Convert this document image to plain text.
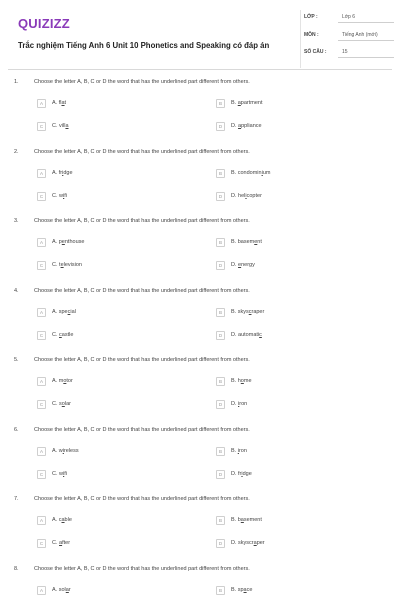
QUIZIZZ
Trắc nghiệm Tiếng Anh 6 Unit 10 Phonetics and Speaking có đáp án
LỚP :	Lớp 6
MÔN :	Tiếng Anh (mới)
SỐ CÂU :	15
1.	Choose the letter A, B, C or D the word that has the underlined part different from others.
A	A. flat	B	B. apartment
C	C. villa	D	D. appliance
2.	Choose the letter A, B, C or D the word that has the underlined part different from others.
A	A. fridge	B	B. condominium
C	C. wifi	D	D. helicopter
3.	Choose the letter A, B, C or D the word that has the underlined part different from others.
A	A. penthouse	B	B. basement
C	C. television	D	D. energy
4.	Choose the letter A, B, C or D the word that has the underlined part different from others.
A	A. special	B	B. skyscraper
C	C. castle	D	D. automatic
5.	Choose the letter A, B, C or D the word that has the underlined part different from others.
A	A. motor	B	B. home
C	C. solar	D	D. iron
6.	Choose the letter A, B, C or D the word that has the underlined part different from others.
A	A. wireless	B	B. iron
C	C. wifi	D	D. fridge
7.	Choose the letter A, B, C or D the word that has the underlined part different from others.
A	A. cable	B	B. basement
C	C. after	D	D. skyscraper
8.	Choose the letter A, B, C or D the word that has the underlined part different from others.
A	A. solar	B	B. space
